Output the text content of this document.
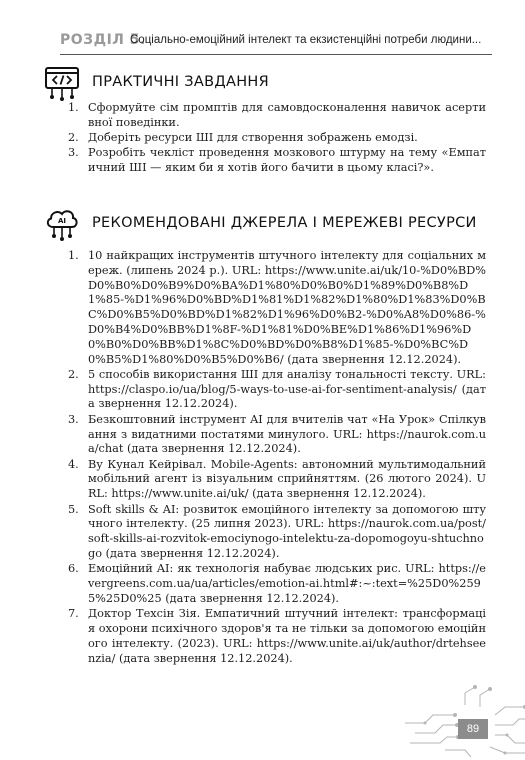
РОЗДІЛ 5.
Соціально-емоційний інтелект та екзистенційні потреби людини...
ПРАКТИЧНІ ЗАВДАННЯ
1. Сформуйте сім промптів для самовдосконалення навичок асертивної поведінки.
2. Доберіть ресурси ШІ для створення зображень емодзі.
3. Розробіть чекліст проведення мозкового штурму на тему «Емпатичний ШІ — яким би я хотів його бачити в цьому класі?».
AI РЕКОМЕНДОВАНІ ДЖЕРЕЛА І МЕРЕЖЕВІ РЕСУРСИ
1. 10 найкращих інструментів штучного інтелекту для соціальних мереж. (липень 2024 р.). URL: https://www.unite.ai/uk/10-%D0%BD%D0%B0%D0%B9%D0%BA%D1%80%D0%B0%D1%89%D0%B8%D1%85-%D1%96%D0%BD%D1%81%D1%82%D1%80%D1%83%D0%BC%D0%B5%D0%BD%D1%82%D1%96%D0%B2-%D0%A8%D0%86-%D0%B4%D0%BB%D1%8F-%D1%81%D0%BE%D1%86%D1%96%D0%B0%D0%BB%D1%8C%D0%BD%D0%B8%D1%85-%D0%BC%D0%B5%D1%80%D0%B5%D0%B6/ (дата звернення 12.12.2024).
2. 5 способів використання ШІ для аналізу тональності тексту. URL: https://claspo.io/ua/blog/5-ways-to-use-ai-for-sentiment-analysis/ (дата звернення 12.12.2024).
3. Безкоштовний інструмент AI для вчителів чат «На Урок» Спілкування з видатними постатями минулого. URL: https://naurok.com.ua/chat (дата звернення 12.12.2024).
4. Ву Кунал Кейрівал. Mobile-Agents: автономний мультимодальний мобільний агент із візуальним сприйняттям. (26 лютого 2024). URL: https://www.unite.ai/uk/ (дата звернення 12.12.2024).
5. Soft skills & AI: розвиток емоційного інтелекту за допомогою штучного інтелекту. (25 липня 2023). URL: https://naurok.com.ua/post/soft-skills-ai-rozvitok-emociynogo-intelektu-za-dopomogoyu-shtuchnogo (дата звернення 12.12.2024).
6. Емоційний AI: як технологія набуває людських рис. URL: https://evergreens.com.ua/ua/articles/emotion-ai.html#:~:text=%25D0%2595%25D0%25 (дата звернення 12.12.2024).
7. Доктор Техсін Зія. Емпатичний штучний інтелект: трансформація охорони психічного здоров'я та не тільки за допомогою емоційного інтелекту. (2023). URL: https://www.unite.ai/uk/author/drtehseenzia/ (дата звернення 12.12.2024).
89
